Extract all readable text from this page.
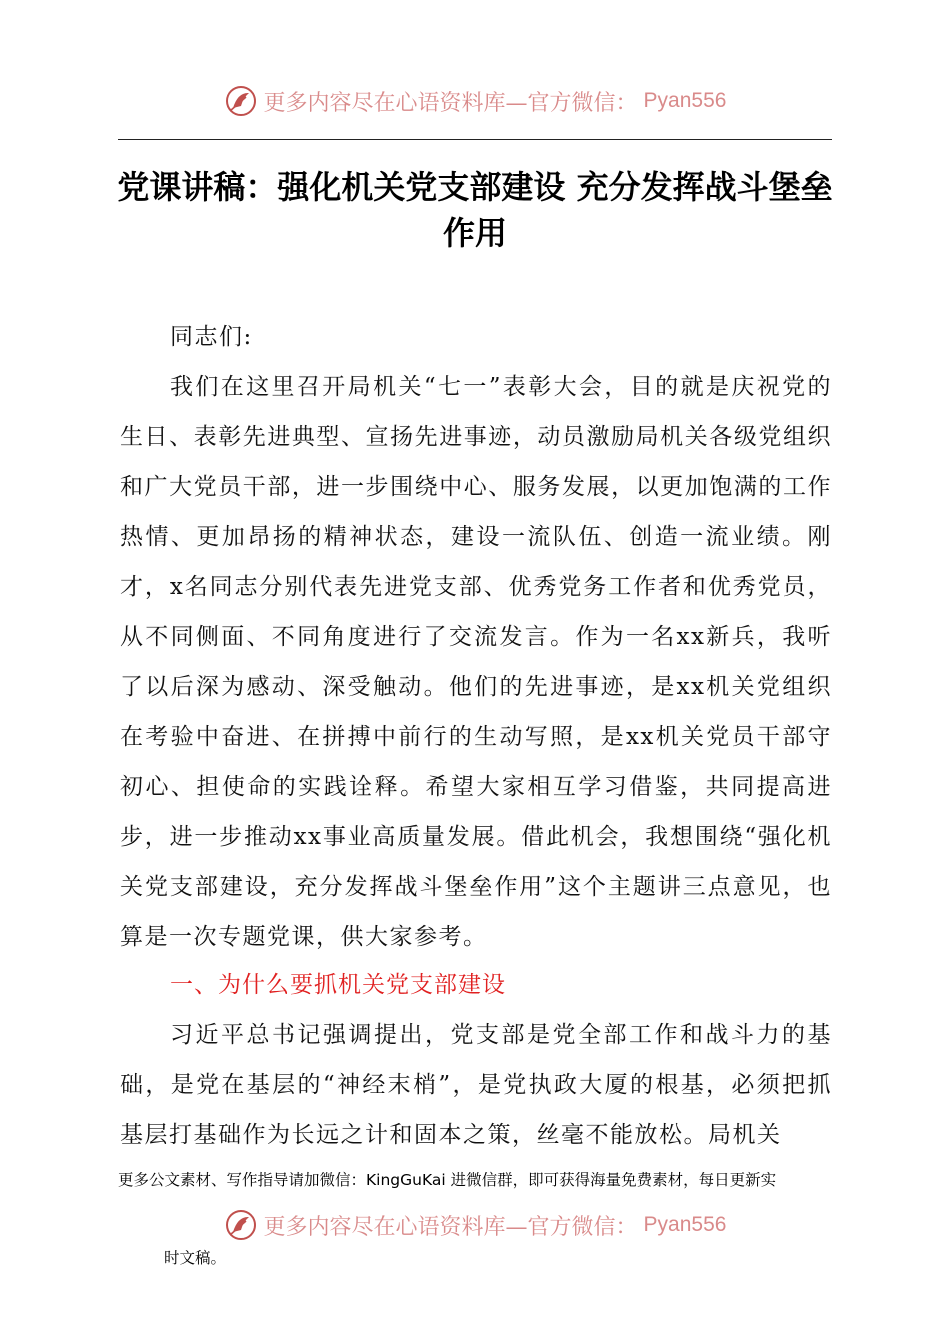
更多内容尽在心语资料库—官方微信： Pyan556
党课讲稿：强化机关党支部建设 充分发挥战斗堡垒作用
同志们:
我们在这里召开局机关“七一”表彰大会，目的就是庆祝党的生日、表彰先进典型、宣扬先进事迹，动员激励局机关各级党组织和广大党员干部，进一步围绕中心、服务发展，以更加饱满的工作热情、更加昂扬的精神状态，建设一流队伍、创造一流业绩。刚才，x名同志分别代表先进党支部、优秀党务工作者和优秀党员，从不同侧面、不同角度进行了交流发言。作为一名xx新兵，我听了以后深为感动、深受触动。他们的先进事迹，是xx机关党组织在考验中奋进、在拼搏中前行的生动写照，是xx机关党员干部守初心、担使命的实践诠释。希望大家相互学习借鉴，共同提高进步，进一步推动xx事业高质量发展。借此机会，我想围绕“强化机关党支部建设，充分发挥战斗堡垒作用”这个主题讲三点意见，也算是一次专题党课，供大家参考。
一、为什么要抓机关党支部建设
习近平总书记强调提出，党支部是党全部工作和战斗力的基础，是党在基层的“神经末梢”，是党执政大厦的根基，必须把抓基层打基础作为长远之计和固本之策，丝毫不能放松。局机关
更多公文素材、写作指导请加微信：KingGuKai 进微信群，即可获得海量免费素材，每日更新实
更多内容尽在心语资料库—官方微信： Pyan556
时文稿。
